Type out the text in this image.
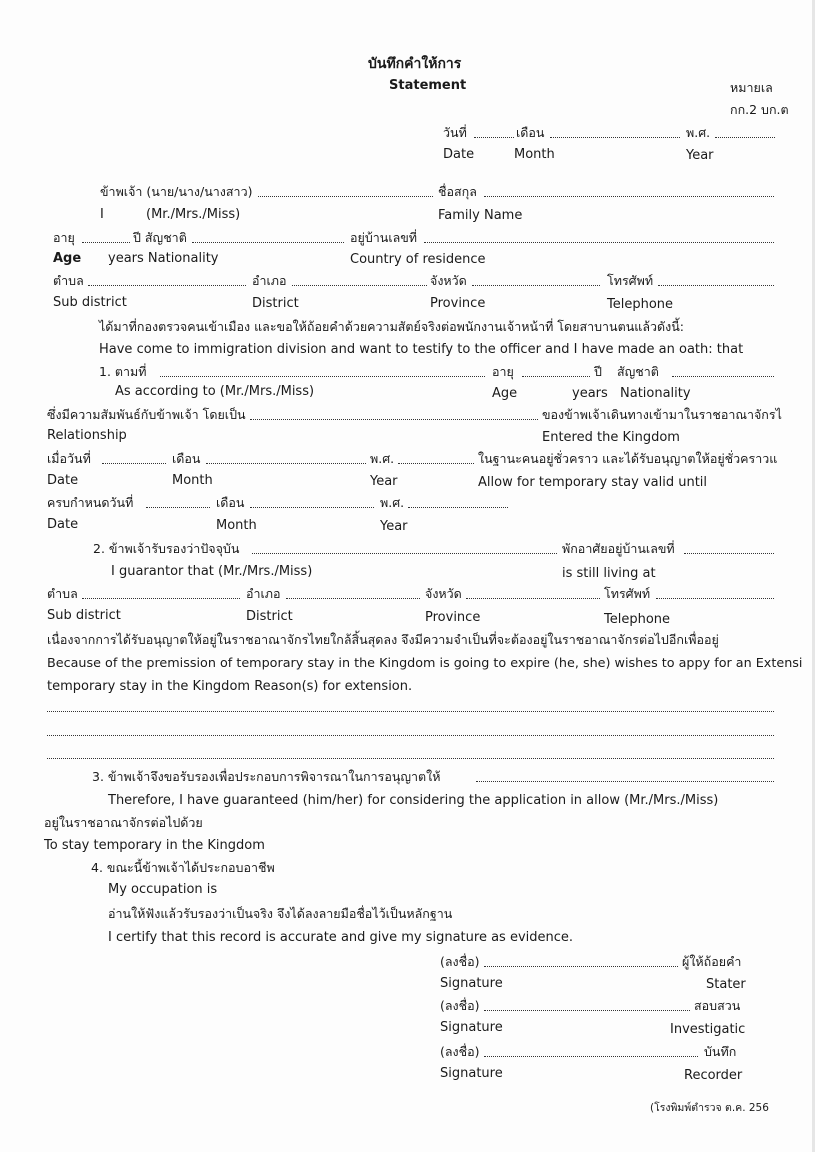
บันทึกคำให้การ
Statement	หมายเล
กก.2 บก.ต
วันที่	เดือน	พ.ศ.
Date	Month	Year
ข้าพเจ้า (นาย/นาง/นางสาว)	ชื่อสกุล
I	(Mr./Mrs./Miss)	Family Name
อายุ	ปี สัญชาติ	อยู่บ้านเลขที่
Age years Nationality	Country of residence
ตำบล	อำเภอ	จังหวัด	โทรศัพท์
Sub district	District	Province	Telephone
ได้มาที่กองตรวจคนเข้าเมือง และขอให้ถ้อยคำด้วยความสัตย์จริงต่อพนักงานเจ้าหน้าที่ โดยสาบานตนแล้วดังนี้:
Have come to immigration division and want to testify to the officer and I have made an oath: that
1. ตามที่	อายุ	ปี สัญชาติ
As according to (Mr./Mrs./Miss)	Age	years Nationality
ซึ่งมีความสัมพันธ์กับข้าพเจ้า โดยเป็น	ของข้าพเจ้าเดินทางเข้ามาในราชอาณาจักรไ
Relationship	Entered the Kingdom
เมื่อวันที่	เดือน	พ.ศ.	ในฐานะคนอยู่ชั่วคราว และได้รับอนุญาตให้อยู่ชั่วคราวแ
Date	Month	Year	Allow for temporary stay valid until
ครบกำหนดวันที่	เดือน	พ.ศ.
Date	Month	Year
2. ข้าพเจ้ารับรองว่าปัจจุบัน	พักอาศัยอยู่บ้านเลขที่
I guarantor that (Mr./Mrs./Miss)	is still living at
ตำบล	อำเภอ	จังหวัด	โทรศัพท์
Sub district	District	Province	Telephone
เนื่องจากการได้รับอนุญาตให้อยู่ในราชอาณาจักรไทยใกล้สิ้นสุดลง จึงมีความจำเป็นที่จะต้องอยู่ในราชอาณาจักรต่อไปอีกเพื่ออยู่
Because of the premission of temporary stay in the Kingdom is going to expire (he, she) wishes to appy for an Extensi
temporary stay in the Kingdom Reason(s) for extension.
3. ข้าพเจ้าจึงขอรับรองเพื่อประกอบการพิจารณาในการอนุญาตให้
Therefore, I have guaranteed (him/her) for considering the application in allow (Mr./Mrs./Miss)
อยู่ในราชอาณาจักรต่อไปด้วย
To stay temporary in the Kingdom
4. ขณะนี้ข้าพเจ้าได้ประกอบอาชีพ
My occupation is
อ่านให้ฟังแล้วรับรองว่าเป็นจริง จึงได้ลงลายมือชื่อไว้เป็นหลักฐาน
I certify that this record is accurate and give my signature as evidence.
(ลงชื่อ)	ผู้ให้ถ้อยคำ
Signature	Stater
(ลงชื่อ)	สอบสวน
Signature	Investigatic
(ลงชื่อ)	บันทึก
Signature	Recorder
(โรงพิมพ์ตำรวจ ต.ค. 256
